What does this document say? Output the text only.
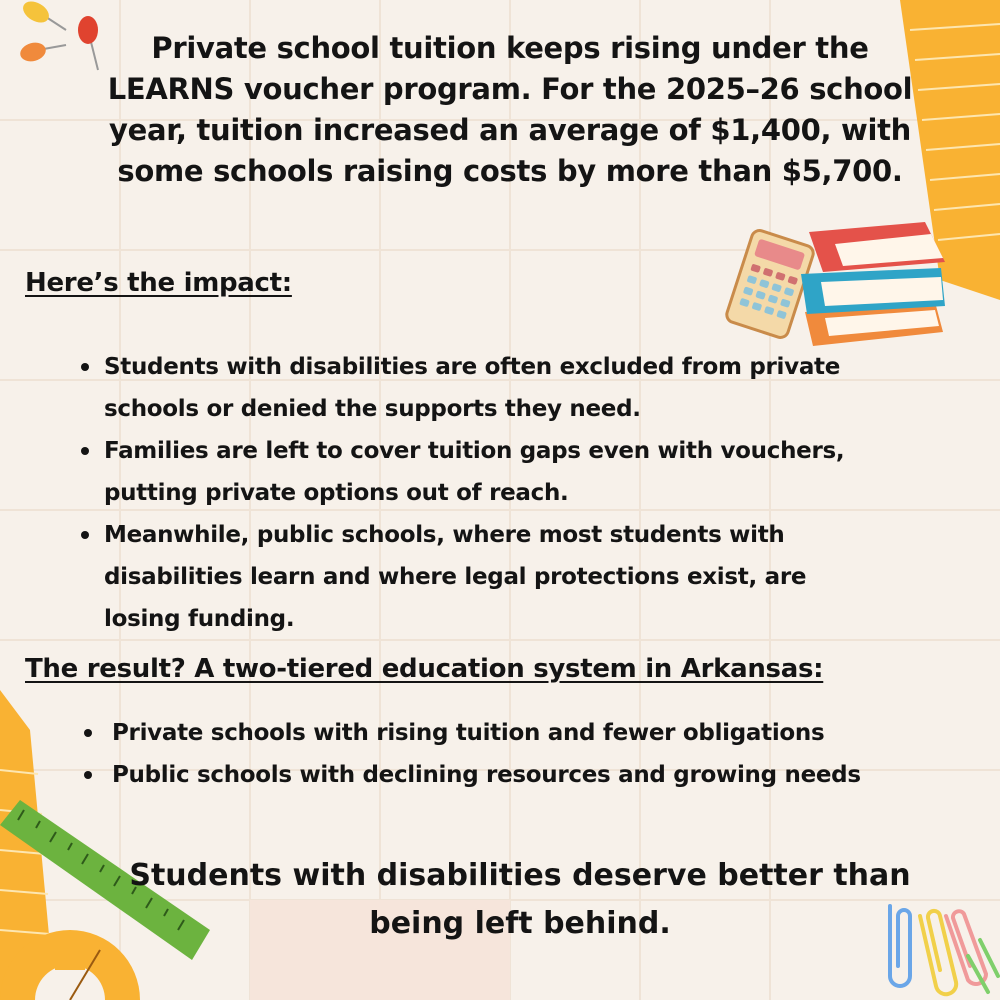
Private school tuition keeps rising under the
LEARNS voucher program. For the 2025–26 school
year, tuition increased an average of $1,400, with
some schools raising costs by more than $5,700.
Here’s the impact:
Students with disabilities are often excluded from private
schools or denied the supports they need.
Families are left to cover tuition gaps even with vouchers,
putting private options out of reach.
Meanwhile, public schools, where most students with
disabilities learn and where legal protections exist, are
losing funding.
The result? A two-tiered education system in Arkansas:
Private schools with rising tuition and fewer obligations
Public schools with declining resources and growing needs

Students with disabilities deserve better than
being left behind.
